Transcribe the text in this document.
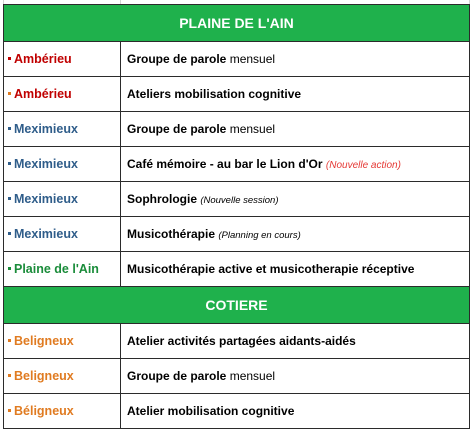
PLAINE DE L'AIN	
Ambérieu	Groupe de parole mensuel
Ambérieu	Ateliers mobilisation cognitive
Meximieux	Groupe de parole mensuel
Meximieux	Café mémoire - au bar le Lion d'Or (Nouvelle action)
Meximieux	Sophrologie (Nouvelle session)
Meximieux	Musicothérapie (Planning en cours)
Plaine de l'Ain	Musicothérapie active et musicotherapie réceptive
COTIERE	
Beligneux	Atelier activités partagées aidants-aidés
Beligneux	Groupe de parole mensuel
Béligneux	Atelier mobilisation cognitive
